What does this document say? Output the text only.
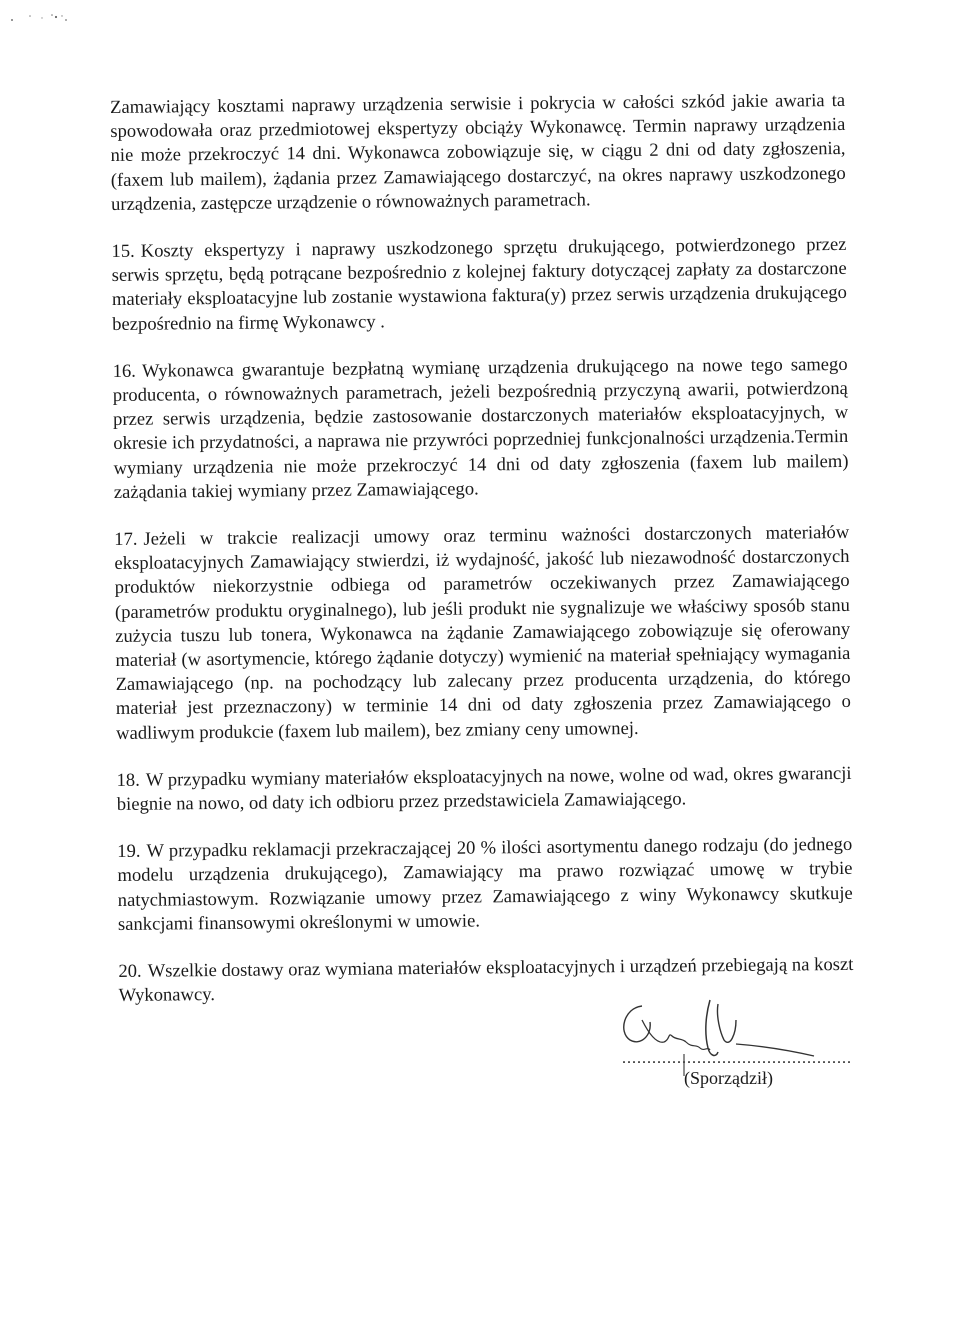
Zamawiający kosztami naprawy urządzenia serwisie i pokrycia w całości szkód jakie awaria ta spowodowała oraz przedmiotowej ekspertyzy obciąży Wykonawcę. Termin naprawy urządzenia nie może przekroczyć 14 dni. Wykonawca zobowiązuje się, w ciągu 2 dni od daty zgłoszenia, (faxem lub mailem), żądania przez Zamawiającego dostarczyć, na okres naprawy uszkodzonego urządzenia, zastępcze urządzenie o równoważnych parametrach.

15. Koszty ekspertyzy i naprawy uszkodzonego sprzętu drukującego, potwierdzonego przez serwis sprzętu, będą potrącane bezpośrednio z kolejnej faktury dotyczącej zapłaty za dostarczone materiały eksploatacyjne lub zostanie wystawiona faktura(y) przez serwis urządzenia drukującego bezpośrednio na firmę Wykonawcy .

16. Wykonawca gwarantuje bezpłatną wymianę urządzenia drukującego na nowe tego samego producenta, o równoważnych parametrach, jeżeli bezpośrednią przyczyną awarii, potwierdzoną przez serwis urządzenia, będzie zastosowanie dostarczonych materiałów eksploatacyjnych, w okresie ich przydatności, a naprawa nie przywróci poprzedniej funkcjonalności urządzenia.Termin wymiany urządzenia nie może przekroczyć 14 dni od daty zgłoszenia (faxem lub mailem) zażądania takiej wymiany przez Zamawiającego.

17. Jeżeli w trakcie realizacji umowy oraz terminu ważności dostarczonych materiałów eksploatacyjnych Zamawiający stwierdzi, iż wydajność, jakość lub niezawodność dostarczonych produktów niekorzystnie odbiega od parametrów oczekiwanych przez Zamawiającego (parametrów produktu oryginalnego), lub jeśli produkt nie sygnalizuje we właściwy sposób stanu zużycia tuszu lub tonera, Wykonawca na żądanie Zamawiającego zobowiązuje się oferowany materiał (w asortymencie, którego żądanie dotyczy) wymienić na materiał spełniający wymagania Zamawiającego (np. na pochodzący lub zalecany przez producenta urządzenia, do którego materiał jest przeznaczony) w terminie 14 dni od daty zgłoszenia przez Zamawiającego o wadliwym produkcie (faxem lub mailem), bez zmiany ceny umownej.

18. W przypadku wymiany materiałów eksploatacyjnych na nowe, wolne od wad, okres gwarancji biegnie na nowo, od daty ich odbioru przez przedstawiciela Zamawiającego.

19. W przypadku reklamacji przekraczającej 20 % ilości asortymentu danego rodzaju (do jednego modelu urządzenia drukującego), Zamawiający ma prawo rozwiązać umowę w trybie natychmiastowym. Rozwiązanie umowy przez Zamawiającego z winy Wykonawcy skutkuje sankcjami finansowymi określonymi w umowie.

20. Wszelkie dostawy oraz wymiana materiałów eksploatacyjnych i urządzeń przebiegają na koszt Wykonawcy.

..............................................
(Sporządził)
